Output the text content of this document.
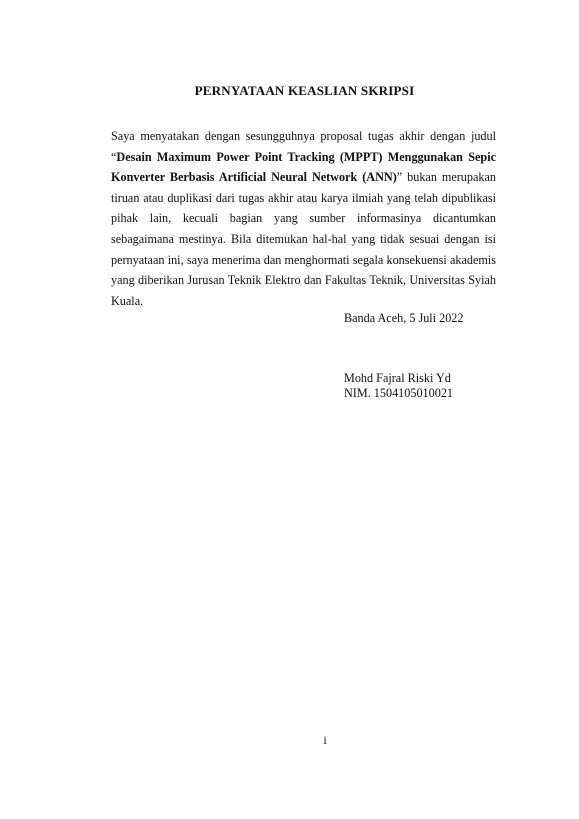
PERNYATAAN KEASLIAN SKRIPSI

Saya menyatakan dengan sesungguhnya proposal tugas akhir dengan judul “Desain Maximum Power Point Tracking (MPPT) Menggunakan Sepic Konverter Berbasis Artificial Neural Network (ANN)” bukan merupakan tiruan atau duplikasi dari tugas akhir atau karya ilmiah yang telah dipublikasi pihak lain, kecuali bagian yang sumber informasinya dicantumkan sebagaimana mestinya. Bila ditemukan hal-hal yang tidak sesuai dengan isi pernyataan ini, saya menerima dan menghormati segala konsekuensi akademis yang diberikan Jurusan Teknik Elektro dan Fakultas Teknik, Universitas Syiah Kuala.

Banda Aceh, 5 Juli 2022
Mohd Fajral Riski Yd
NIM. 1504105010021
i
